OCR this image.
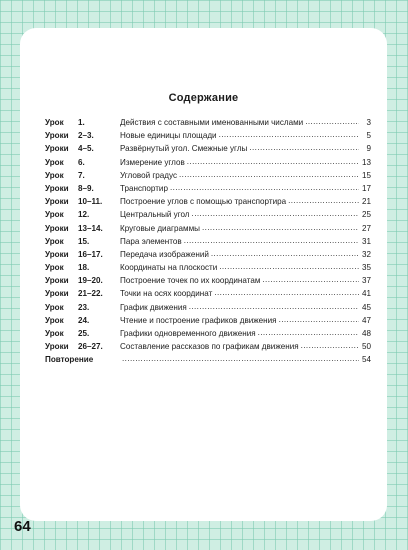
Содержание
Урок	1.	Действия с составными именованными числами .....	3
Уроки	2–3.	Новые единицы площади .....	5
Уроки	4–5.	Развёрнутый угол. Смежные углы .....	9
Урок	6.	Измерение углов .....	13
Урок	7.	Угловой градус .....	15
Уроки	8–9.	Транспортир .....	17
Уроки	10–11.	Построение углов с помощью транспортира .....	21
Урок	12.	Центральный угол .....	25
Уроки	13–14.	Круговые диаграммы .....	27
Урок	15.	Пара элементов .....	31
Уроки	16–17.	Передача изображений .....	32
Урок	18.	Координаты на плоскости .....	35
Уроки	19–20.	Построение точек по их координатам .....	37
Уроки	21–22.	Точки на осях координат .....	41
Урок	23.	График движения .....	45
Урок	24.	Чтение и построение графиков движения .....	47
Урок	25.	Графики одновременного движения .....	48
Уроки	26–27.	Составление рассказов по графикам движения .....	50
Повторение .....	54
64
